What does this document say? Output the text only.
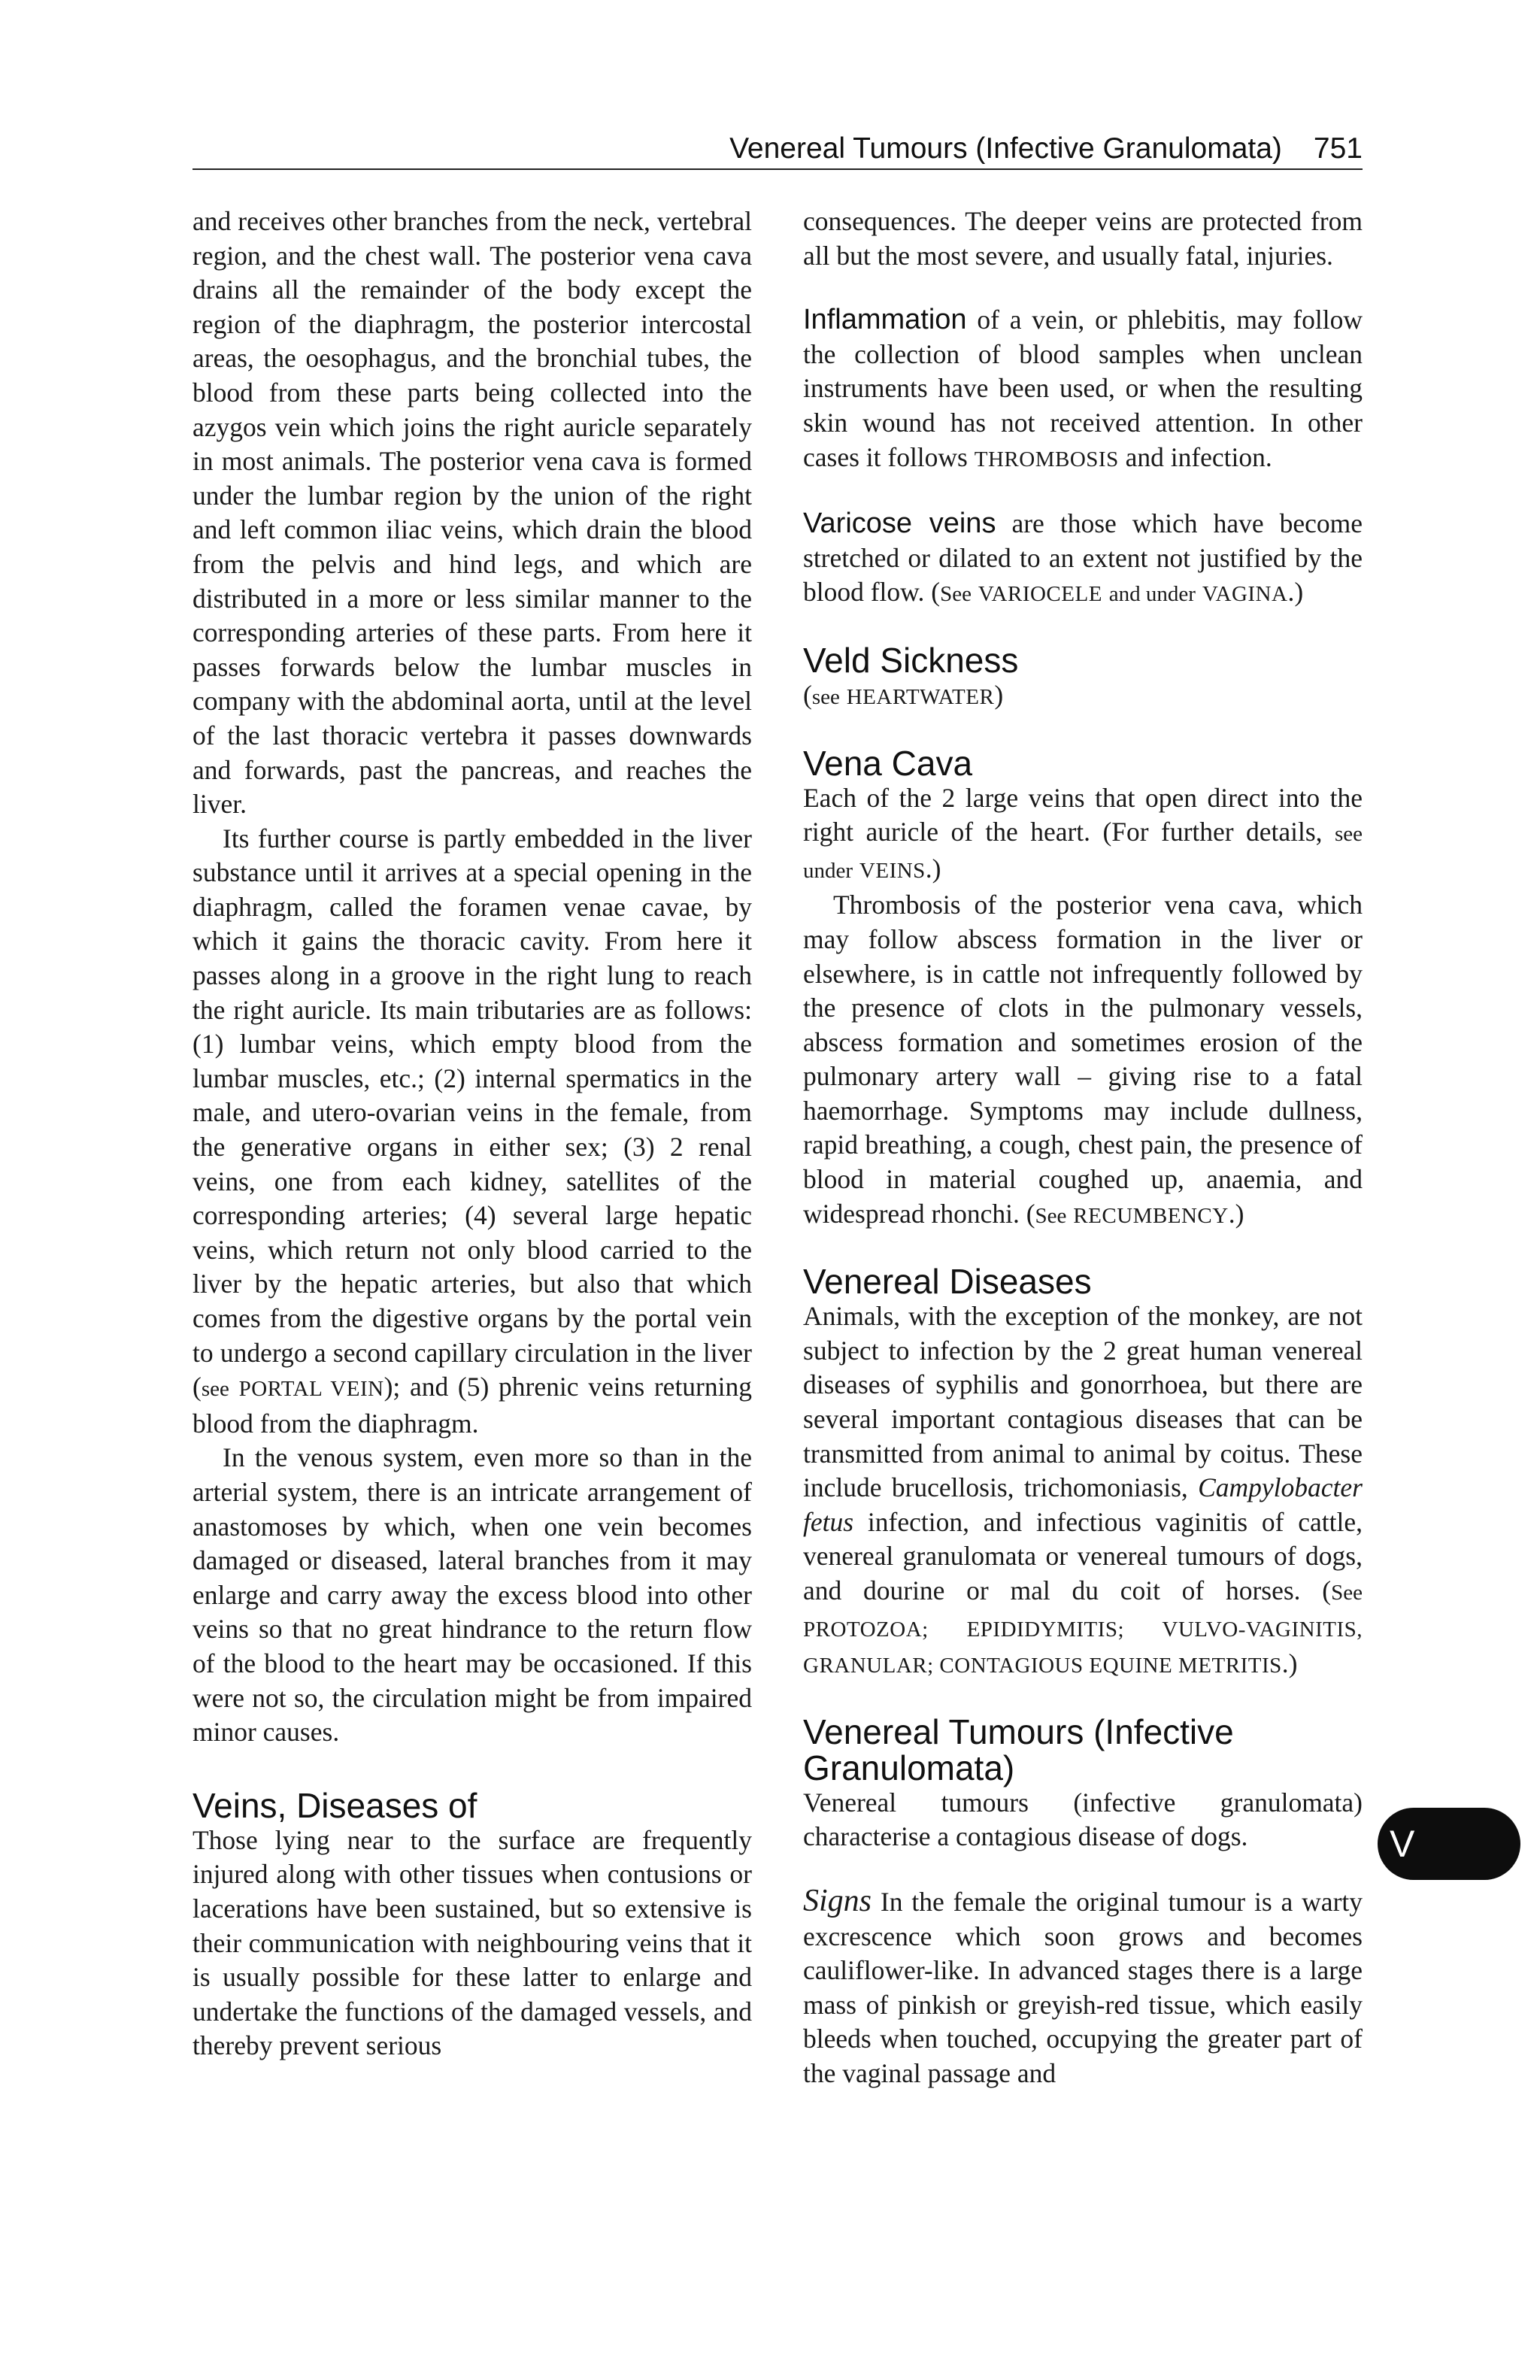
Venereal Tumours (Infective Granulomata) 751

and receives other branches from the neck, vertebral region, and the chest wall. The posterior vena cava drains all the remainder of the body except the region of the diaphragm, the posterior intercostal areas, the oesophagus, and the bronchial tubes, the blood from these parts being collected into the azygos vein which joins the right auricle separately in most animals. The posterior vena cava is formed under the lumbar region by the union of the right and left common iliac veins, which drain the blood from the pelvis and hind legs, and which are distributed in a more or less similar manner to the corresponding arteries of these parts. From here it passes forwards below the lumbar muscles in company with the abdominal aorta, until at the level of the last thoracic vertebra it passes downwards and forwards, past the pancreas, and reaches the liver.

Its further course is partly embedded in the liver substance until it arrives at a special opening in the diaphragm, called the foramen venae cavae, by which it gains the thoracic cavity. From here it passes along in a groove in the right lung to reach the right auricle. Its main tributaries are as follows: (1) lumbar veins, which empty blood from the lumbar muscles, etc.; (2) internal spermatics in the male, and utero-ovarian veins in the female, from the generative organs in either sex; (3) 2 renal veins, one from each kidney, satellites of the corresponding arteries; (4) several large hepatic veins, which return not only blood carried to the liver by the hepatic arteries, but also that which comes from the digestive organs by the portal vein to undergo a second capillary circulation in the liver (see PORTAL VEIN); and (5) phrenic veins returning blood from the diaphragm.

In the venous system, even more so than in the arterial system, there is an intricate arrangement of anastomoses by which, when one vein becomes damaged or diseased, lateral branches from it may enlarge and carry away the excess blood into other veins so that no great hindrance to the return flow of the blood to the heart may be occasioned. If this were not so, the circulation might be from impaired minor causes.

Veins, Diseases of

Those lying near to the surface are frequently injured along with other tissues when contusions or lacerations have been sustained, but so extensive is their communication with neighbouring veins that it is usually possible for these latter to enlarge and undertake the functions of the damaged vessels, and thereby prevent serious

consequences. The deeper veins are protected from all but the most severe, and usually fatal, injuries.

Inflammation of a vein, or phlebitis, may follow the collection of blood samples when unclean instruments have been used, or when the resulting skin wound has not received attention. In other cases it follows THROMBOSIS and infection.

Varicose veins are those which have become stretched or dilated to an extent not justified by the blood flow. (See VARIOCELE and under VAGINA.)

Veld Sickness

(see HEARTWATER)

Vena Cava

Each of the 2 large veins that open direct into the right auricle of the heart. (For further details, see under VEINS.)

Thrombosis of the posterior vena cava, which may follow abscess formation in the liver or elsewhere, is in cattle not infrequently followed by the presence of clots in the pulmonary vessels, abscess formation and sometimes erosion of the pulmonary artery wall – giving rise to a fatal haemorrhage. Symptoms may include dullness, rapid breathing, a cough, chest pain, the presence of blood in material coughed up, anaemia, and widespread rhonchi. (See RECUMBENCY.)

Venereal Diseases

Animals, with the exception of the monkey, are not subject to infection by the 2 great human venereal diseases of syphilis and gonorrhoea, but there are several important contagious diseases that can be transmitted from animal to animal by coitus. These include brucellosis, trichomoniasis, Campylobacter fetus infection, and infectious vaginitis of cattle, venereal granulomata or venereal tumours of dogs, and dourine or mal du coit of horses. (See PROTOZOA; EPIDIDYMITIS; VULVO-VAGINITIS, GRANULAR; CONTAGIOUS EQUINE METRITIS.)

Venereal Tumours (Infective Granulomata)

Venereal tumours (infective granulomata) characterise a contagious disease of dogs.

Signs In the female the original tumour is a warty excrescence which soon grows and becomes cauliflower-like. In advanced stages there is a large mass of pinkish or greyish-red tissue, which easily bleeds when touched, occupying the greater part of the vaginal passage and

V
